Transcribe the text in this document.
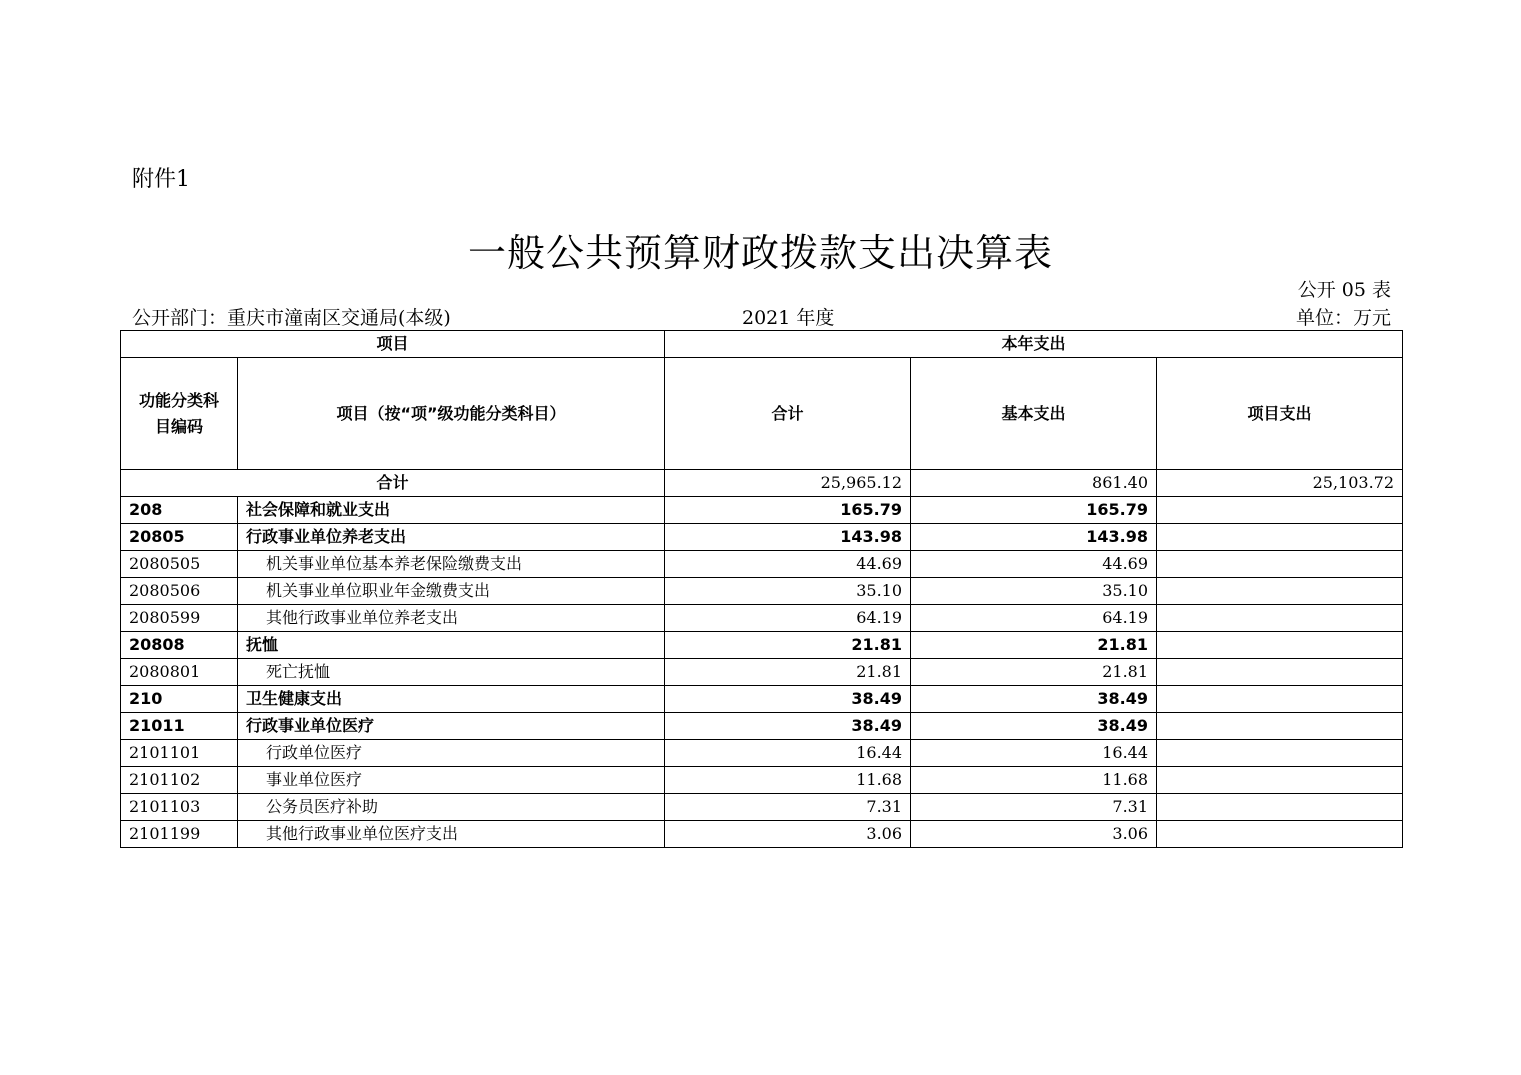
附件1
一般公共预算财政拨款支出决算表
公开 05 表
公开部门：重庆市潼南区交通局(本级)	2021 年度	单位：万元
项目		本年支出		
功能分类科目编码	项目（按“项”级功能分类科目）	合计	基本支出	项目支出
合计		25,965.12	861.40	25,103.72
208	社会保障和就业支出	165.79	165.79	
20805	行政事业单位养老支出	143.98	143.98	
2080505	机关事业单位基本养老保险缴费支出	44.69	44.69	
2080506	机关事业单位职业年金缴费支出	35.10	35.10	
2080599	其他行政事业单位养老支出	64.19	64.19	
20808	抚恤	21.81	21.81	
2080801	死亡抚恤	21.81	21.81	
210	卫生健康支出	38.49	38.49	
21011	行政事业单位医疗	38.49	38.49	
2101101	行政单位医疗	16.44	16.44	
2101102	事业单位医疗	11.68	11.68	
2101103	公务员医疗补助	7.31	7.31	
2101199	其他行政事业单位医疗支出	3.06	3.06	
